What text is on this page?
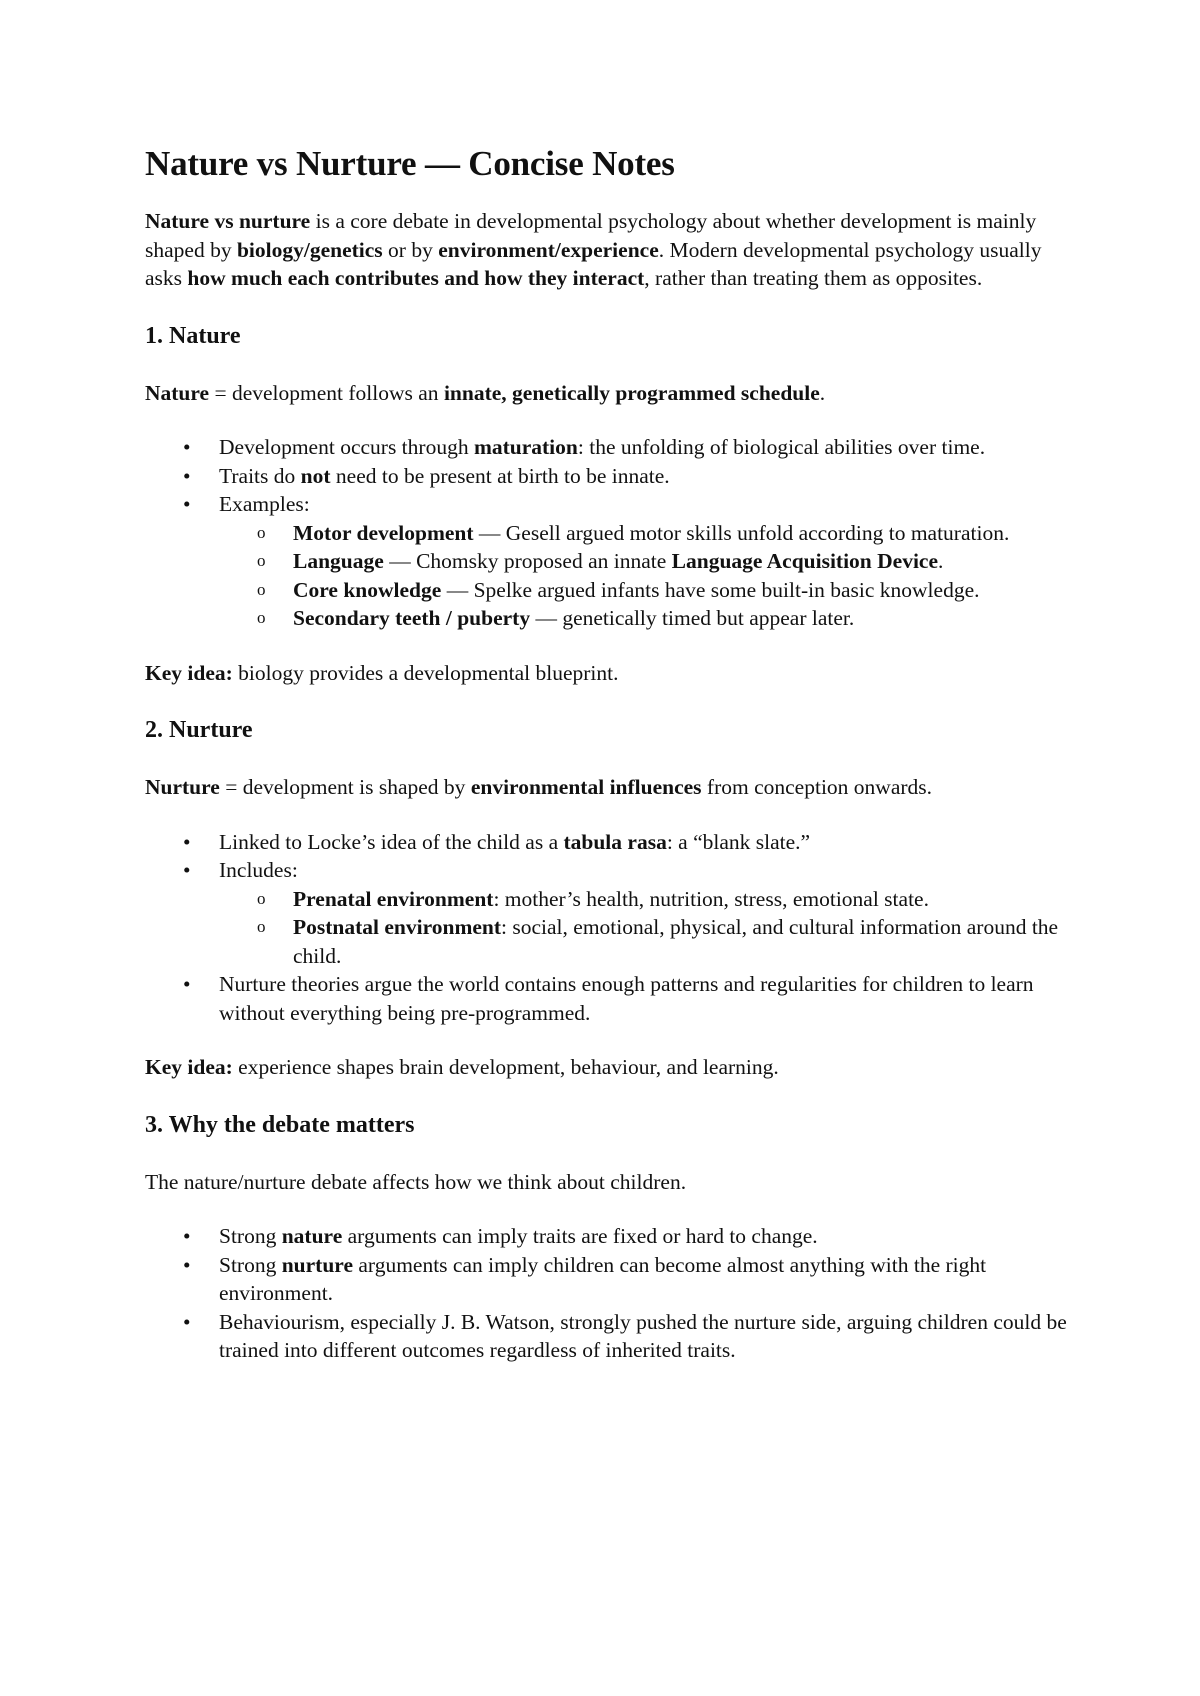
Nature vs Nurture — Concise Notes

Nature vs nurture is a core debate in developmental psychology about whether development is mainly shaped by biology/genetics or by environment/experience. Modern developmental psychology usually asks how much each contributes and how they interact, rather than treating them as opposites.

1. Nature

Nature = development follows an innate, genetically programmed schedule.

• Development occurs through maturation: the unfolding of biological abilities over time.
• Traits do not need to be present at birth to be innate.
• Examples:
o Motor development — Gesell argued motor skills unfold according to maturation.
o Language — Chomsky proposed an innate Language Acquisition Device.
o Core knowledge — Spelke argued infants have some built-in basic knowledge.
o Secondary teeth / puberty — genetically timed but appear later.

Key idea: biology provides a developmental blueprint.

2. Nurture

Nurture = development is shaped by environmental influences from conception onwards.

• Linked to Locke’s idea of the child as a tabula rasa: a “blank slate.”
• Includes:
o Prenatal environment: mother’s health, nutrition, stress, emotional state.
o Postnatal environment: social, emotional, physical, and cultural information around the child.
• Nurture theories argue the world contains enough patterns and regularities for children to learn without everything being pre-programmed.

Key idea: experience shapes brain development, behaviour, and learning.

3. Why the debate matters

The nature/nurture debate affects how we think about children.

• Strong nature arguments can imply traits are fixed or hard to change.
• Strong nurture arguments can imply children can become almost anything with the right environment.
• Behaviourism, especially J. B. Watson, strongly pushed the nurture side, arguing children could be trained into different outcomes regardless of inherited traits.
